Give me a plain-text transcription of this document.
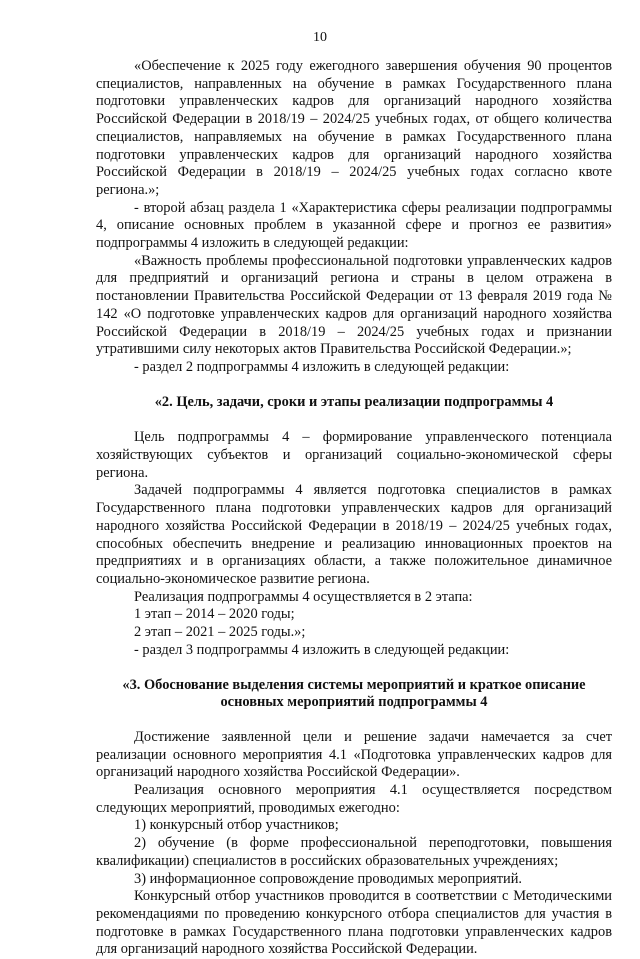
10

«Обеспечение к 2025 году ежегодного завершения обучения 90 процентов специалистов, направленных на обучение в рамках Государственного плана подготовки управленческих кадров для организаций народного хозяйства Российской Федерации в 2018/19 – 2024/25 учебных годах, от общего количества специалистов, направляемых на обучение в рамках Государственного плана подготовки управленческих кадров для организаций народного хозяйства Российской Федерации в 2018/19 – 2024/25 учебных годах согласно квоте региона.»;

- второй абзац раздела 1 «Характеристика сферы реализации подпрограммы 4, описание основных проблем в указанной сфере и прогноз ее развития» подпрограммы 4 изложить в следующей редакции:

«Важность проблемы профессиональной подготовки управленческих кадров для предприятий и организаций региона и страны в целом отражена в постановлении Правительства Российской Федерации от 13 февраля 2019 года № 142 «О подготовке управленческих кадров для организаций народного хозяйства Российской Федерации в 2018/19 – 2024/25 учебных годах и признании утратившими силу некоторых актов Правительства Российской Федерации.»;

- раздел 2 подпрограммы 4 изложить в следующей редакции:

«2. Цель, задачи, сроки и этапы реализации подпрограммы 4

Цель подпрограммы 4 – формирование управленческого потенциала хозяйствующих субъектов и организаций социально-экономической сферы региона.

Задачей подпрограммы 4 является подготовка специалистов в рамках Государственного плана подготовки управленческих кадров для организаций народного хозяйства Российской Федерации в 2018/19 – 2024/25 учебных годах, способных обеспечить внедрение и реализацию инновационных проектов на предприятиях и в организациях области, а также положительное динамичное социально-экономическое развитие региона.

Реализация подпрограммы 4 осуществляется в 2 этапа:

1 этап – 2014 – 2020 годы;

2 этап – 2021 – 2025 годы.»;

- раздел 3 подпрограммы 4 изложить в следующей редакции:

«3. Обоснование выделения системы мероприятий и краткое описание основных мероприятий подпрограммы 4

Достижение заявленной цели и решение задачи намечается за счет реализации основного мероприятия 4.1 «Подготовка управленческих кадров для организаций народного хозяйства Российской Федерации».

Реализация основного мероприятия 4.1 осуществляется посредством следующих мероприятий, проводимых ежегодно:

1) конкурсный отбор участников;

2) обучение (в форме профессиональной переподготовки, повышения квалификации) специалистов в российских образовательных учреждениях;

3) информационное сопровождение проводимых мероприятий.

Конкурсный отбор участников проводится в соответствии с Методическими рекомендациями по проведению конкурсного отбора специалистов для участия в подготовке в рамках Государственного плана подготовки управленческих кадров для организаций народного хозяйства Российской Федерации.
